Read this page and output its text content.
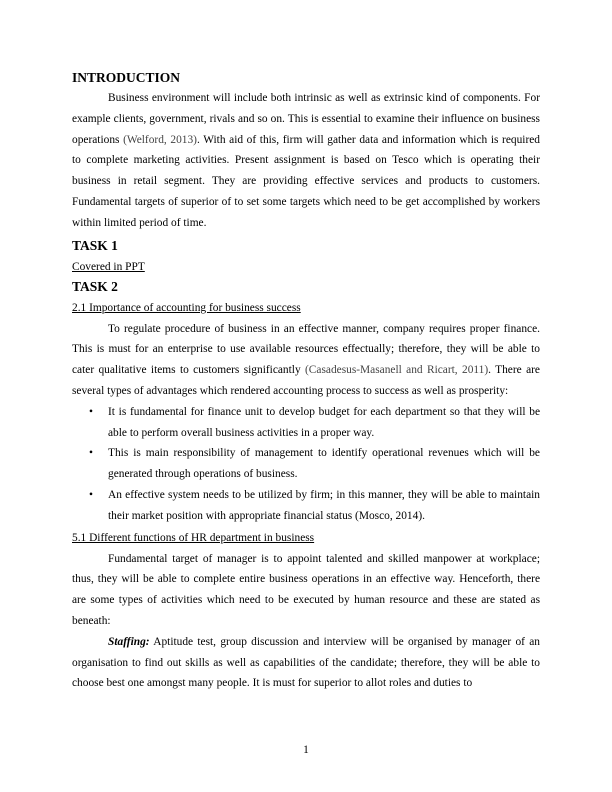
INTRODUCTION

Business environment will include both intrinsic as well as extrinsic kind of components. For example clients, government, rivals and so on. This is essential to examine their influence on business operations (Welford, 2013). With aid of this, firm will gather data and information which is required to complete marketing activities. Present assignment is based on Tesco which is operating their business in retail segment. They are providing effective services and products to customers. Fundamental targets of superior of to set some targets which need to be get accomplished by workers within limited period of time.

TASK 1
Covered in PPT
TASK 2
2.1 Importance of accounting for business success

To regulate procedure of business in an effective manner, company requires proper finance. This is must for an enterprise to use available resources effectually; therefore, they will be able to cater qualitative items to customers significantly (Casadesus-Masanell and Ricart, 2011). There are several types of advantages which rendered accounting process to success as well as prosperity:

• It is fundamental for finance unit to develop budget for each department so that they will be able to perform overall business activities in a proper way.
• This is main responsibility of management to identify operational revenues which will be generated through operations of business.
• An effective system needs to be utilized by firm; in this manner, they will be able to maintain their market position with appropriate financial status (Mosco, 2014).
5.1 Different functions of HR department in business

Fundamental target of manager is to appoint talented and skilled manpower at workplace; thus, they will be able to complete entire business operations in an effective way. Henceforth, there are some types of activities which need to be executed by human resource and these are stated as beneath:

Staffing: Aptitude test, group discussion and interview will be organised by manager of an organisation to find out skills as well as capabilities of the candidate; therefore, they will be able to choose best one amongst many people. It is must for superior to allot roles and duties to

1
